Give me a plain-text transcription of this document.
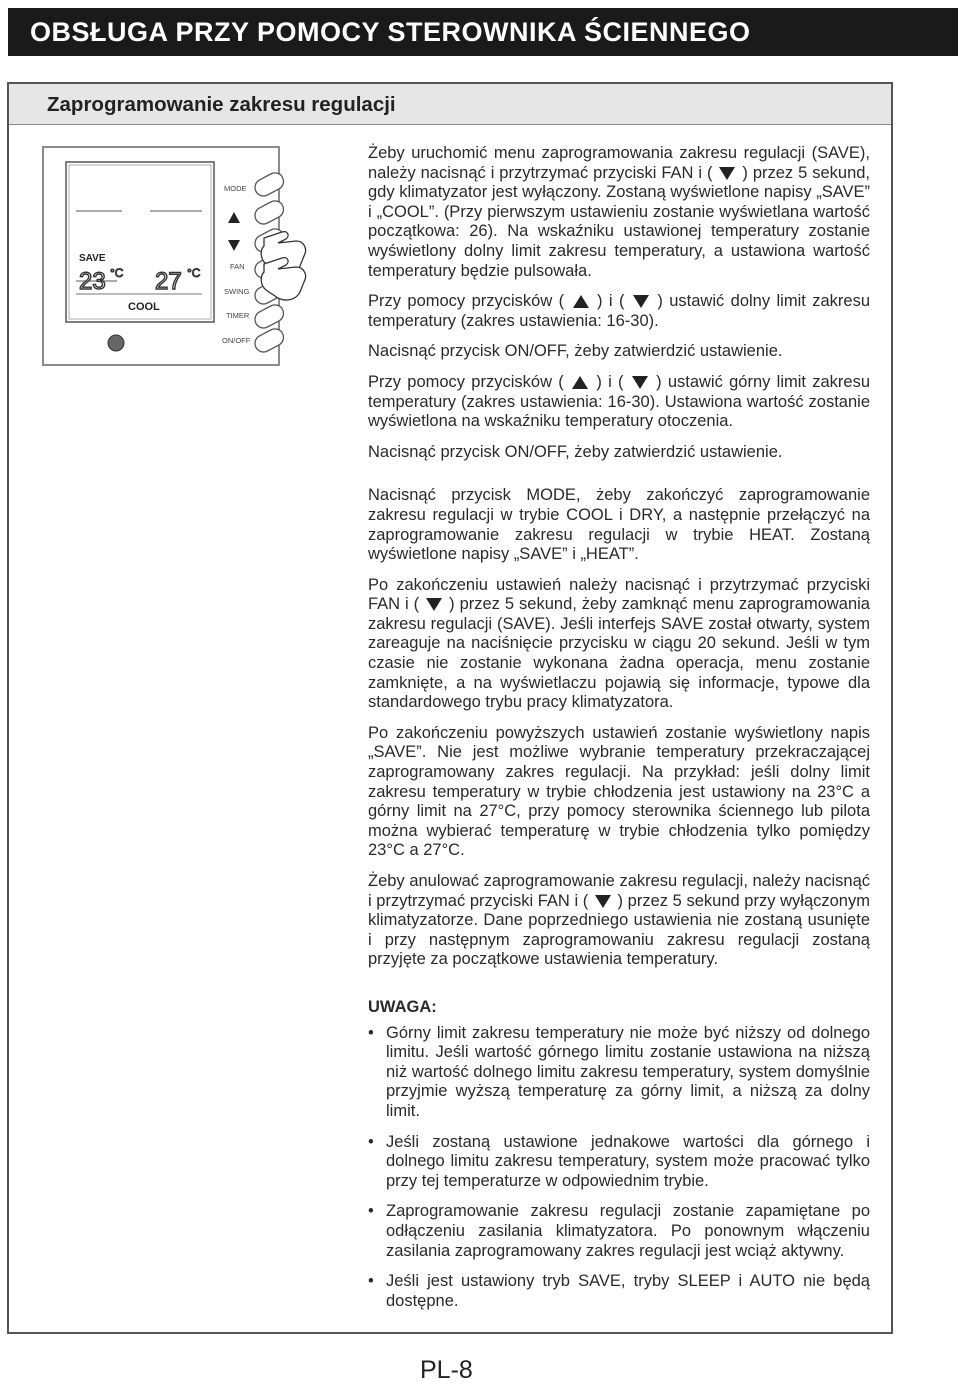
OBSŁUGA PRZY POMOCY STEROWNIKA ŚCIENNEGO
Zaprogramowanie zakresu regulacji
SAVE
23 °C 27 °C
COOL
MODE
FAN
SWING
TIMER
ON/OFF

Żeby uruchomić menu zaprogramowania zakresu regulacji (SAVE), należy nacisnąć i przytrzymać przyciski FAN i ( ) przez 5 sekund, gdy klimatyzator jest wyłączony. Zostaną wyświetlone napisy „SAVE” i „COOL”. (Przy pierwszym ustawieniu zostanie wyświetlana wartość początkowa: 26). Na wskaźniku ustawionej temperatury zostanie wyświetlony dolny limit zakresu temperatury, a ustawiona wartość temperatury będzie pulsowała.

Przy pomocy przycisków ( ) i ( ) ustawić dolny limit zakresu temperatury (zakres ustawienia: 16-30).

Nacisnąć przycisk ON/OFF, żeby zatwierdzić ustawienie.

Przy pomocy przycisków ( ) i ( ) ustawić górny limit zakresu temperatury (zakres ustawienia: 16-30). Ustawiona wartość zostanie wyświetlona na wskaźniku temperatury otoczenia.

Nacisnąć przycisk ON/OFF, żeby zatwierdzić ustawienie.

Nacisnąć przycisk MODE, żeby zakończyć zaprogramowanie zakresu regulacji w trybie COOL i DRY, a następnie przełączyć na zaprogramowanie zakresu regulacji w trybie HEAT. Zostaną wyświetlone napisy „SAVE” i „HEAT”.

Po zakończeniu ustawień należy nacisnąć i przytrzymać przyciski FAN i ( ) przez 5 sekund, żeby zamknąć menu zaprogramowania zakresu regulacji (SAVE). Jeśli interfejs SAVE został otwarty, system zareaguje na naciśnięcie przycisku w ciągu 20 sekund. Jeśli w tym czasie nie zostanie wykonana żadna operacja, menu zostanie zamknięte, a na wyświetlaczu pojawią się informacje, typowe dla standardowego trybu pracy klimatyzatora.

Po zakończeniu powyższych ustawień zostanie wyświetlony napis „SAVE”. Nie jest możliwe wybranie temperatury przekraczającej zaprogramowany zakres regulacji. Na przykład: jeśli dolny limit zakresu temperatury w trybie chłodzenia jest ustawiony na 23°C a górny limit na 27°C, przy pomocy sterownika ściennego lub pilota można wybierać temperaturę w trybie chłodzenia tylko pomiędzy 23°C a 27°C.

Żeby anulować zaprogramowanie zakresu regulacji, należy nacisnąć i przytrzymać przyciski FAN i ( ) przez 5 sekund przy wyłączonym klimatyzatorze. Dane poprzedniego ustawienia nie zostaną usunięte i przy następnym zaprogramowaniu zakresu regulacji zostaną przyjęte za początkowe ustawienia temperatury.

UWAGA:
• Górny limit zakresu temperatury nie może być niższy od dolnego limitu. Jeśli wartość górnego limitu zostanie ustawiona na niższą niż wartość dolnego limitu zakresu temperatury, system domyślnie przyjmie wyższą temperaturę za górny limit, a niższą za dolny limit.
• Jeśli zostaną ustawione jednakowe wartości dla górnego i dolnego limitu zakresu temperatury, system może pracować tylko przy tej temperaturze w odpowiednim trybie.
• Zaprogramowanie zakresu regulacji zostanie zapamiętane po odłączeniu zasilania klimatyzatora. Po ponownym włączeniu zasilania zaprogramowany zakres regulacji jest wciąż aktywny.
• Jeśli jest ustawiony tryb SAVE, tryby SLEEP i AUTO nie będą dostępne.

PL-8
